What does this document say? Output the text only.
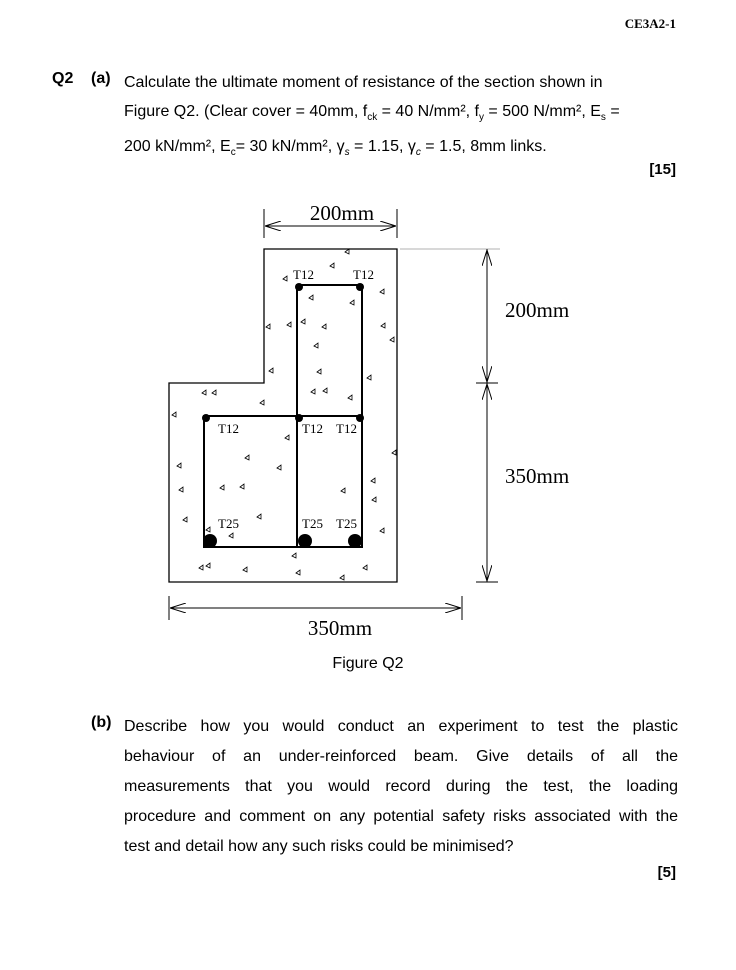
CE3A2-1
Q2 (a) Calculate the ultimate moment of resistance of the section shown in
Figure Q2. (Clear cover = 40mm, $f_{ck} = 40$ N/mm², $f_y = 500$ N/mm², $E_s$ =
200 kN/mm², $E_c= 30$ kN/mm², $\gamma_s = 1.15$, $\gamma_c = 1.5$, 8mm links.
[15]
200mm
T12	T12
T12	T12 T12
T25	T25 T25
200mm
350mm
350mm
Figure Q2
(b) Describe how you would conduct an experiment to test the plastic
behaviour of an under-reinforced beam. Give details of all the
measurements that you would record during the test, the loading
procedure and comment on any potential safety risks associated with the
test and detail how any such risks could be minimised?
[5]
